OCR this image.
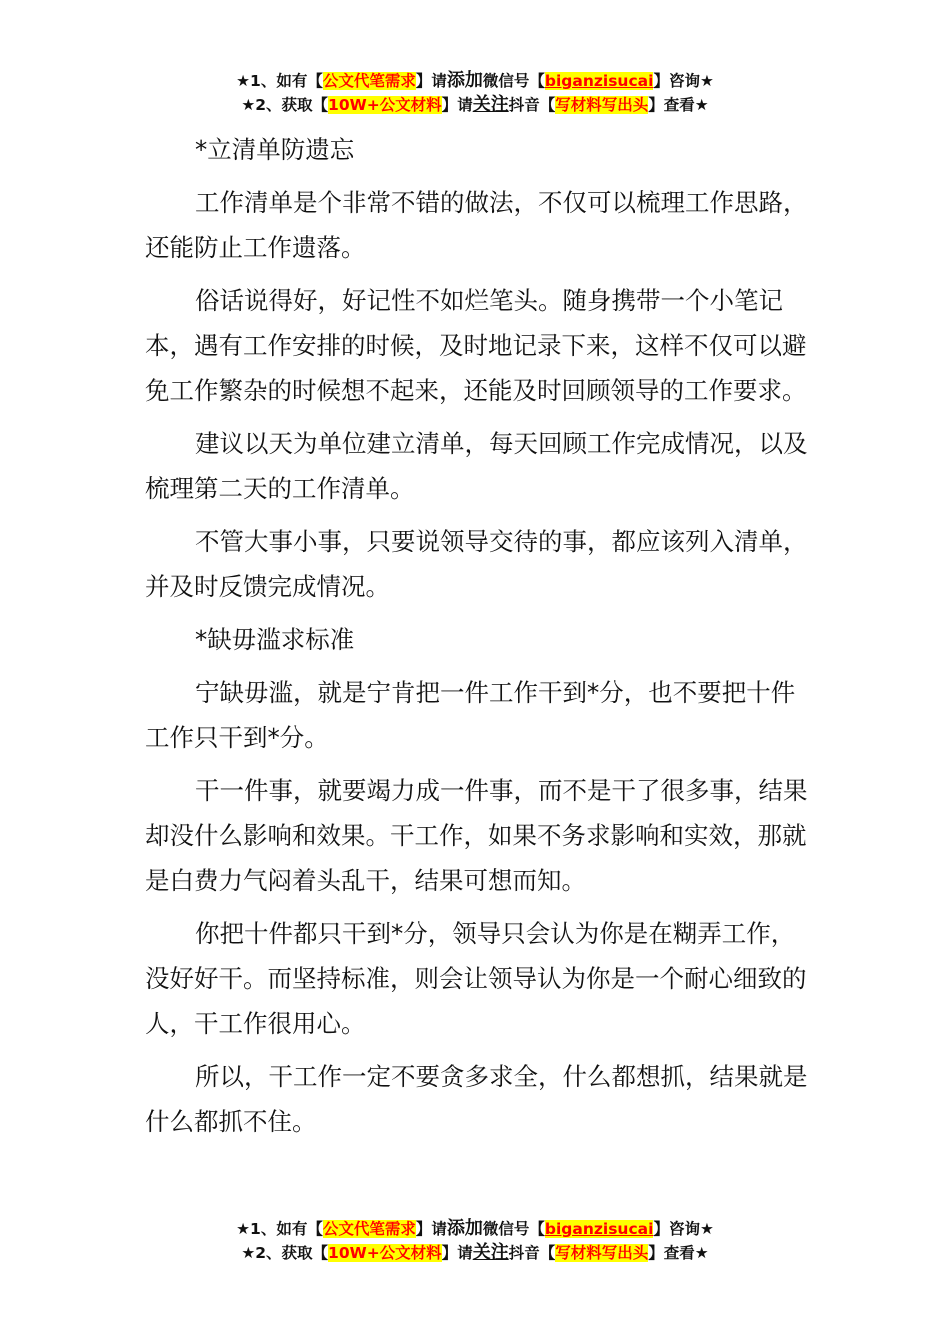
★1、如有【公文代笔需求】请添加微信号【biganzisucai】咨询★
★2、获取【10W+公文材料】请关注抖音【写材料写出头】查看★

*立清单防遗忘

工作清单是个非常不错的做法，不仅可以梳理工作思路，还能防止工作遗落。

俗话说得好，好记性不如烂笔头。随身携带一个小笔记本，遇有工作安排的时候，及时地记录下来，这样不仅可以避免工作繁杂的时候想不起来，还能及时回顾领导的工作要求。

建议以天为单位建立清单，每天回顾工作完成情况，以及梳理第二天的工作清单。

不管大事小事，只要说领导交待的事，都应该列入清单，并及时反馈完成情况。

*缺毋滥求标准

宁缺毋滥，就是宁肯把一件工作干到*分，也不要把十件工作只干到*分。

干一件事，就要竭力成一件事，而不是干了很多事，结果却没什么影响和效果。干工作，如果不务求影响和实效，那就是白费力气闷着头乱干，结果可想而知。

你把十件都只干到*分，领导只会认为你是在糊弄工作，没好好干。而坚持标准，则会让领导认为你是一个耐心细致的人，干工作很用心。

所以，干工作一定不要贪多求全，什么都想抓，结果就是什么都抓不住。

★1、如有【公文代笔需求】请添加微信号【biganzisucai】咨询★
★2、获取【10W+公文材料】请关注抖音【写材料写出头】查看★
